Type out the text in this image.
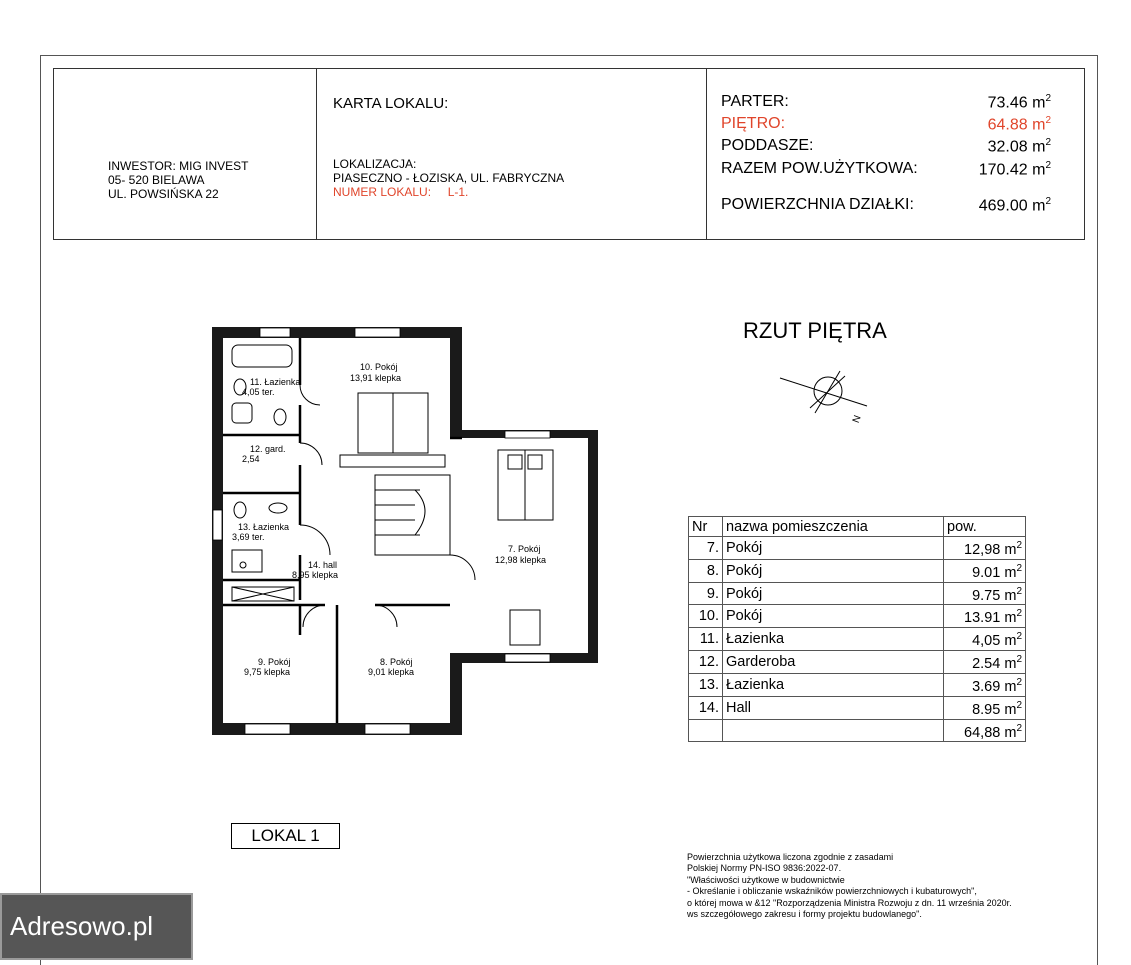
INWESTOR: MIG INVEST
05- 520 BIELAWA
UL. POWSIŃSKA 22
KARTA LOKALU:
LOKALIZACJA:
PIASECZNO - ŁOZISKA, UL. FABRYCZNA
NUMER LOKALU: L-1.
PARTER:	73.46 $m^2$
PIĘTRO:	64.88 $m^2$
PODDASZE:	32.08 $m^2$
RAZEM POW.UŻYTKOWA:	170.42 $m^2$
POWIERZCHNIA DZIAŁKI:	469.00 $m^2$
RZUT PIĘTRA
N
10. Pokój
13,91 klepka
11. Łazienka
4,05 ter.
12. gard.
2,54
13. Łazienka
3,69 ter.
14. hall
8,95 klepka
7. Pokój
12,98 klepka
9. Pokój
9,75 klepka
8. Pokój
9,01 klepka
Nr	nazwa pomieszczenia	pow.
7.	Pokój	12,98 $m^2$
8.	Pokój	9.01 $m^2$
9.	Pokój	9.75 $m^2$
10.	Pokój	13.91 $m^2$
11.	Łazienka	4,05 $m^2$
12.	Garderoba	2.54 $m^2$
13.	Łazienka	3.69 $m^2$
14.	Hall	8.95 $m^2$
		64,88 $m^2$
LOKAL 1
Powierzchnia użytkowa liczona zgodnie z zasadami
Polskiej Normy PN-ISO 9836:2022-07.
"Właściwości użytkowe w budownictwie
- Określanie i obliczanie wskaźników powierzchniowych i kubaturowych",
o której mowa w &12 "Rozporządzenia Ministra Rozwoju z dn. 11 września 2020r.
ws szczegółowego zakresu i formy projektu budowlanego".
Adresowo.pl
